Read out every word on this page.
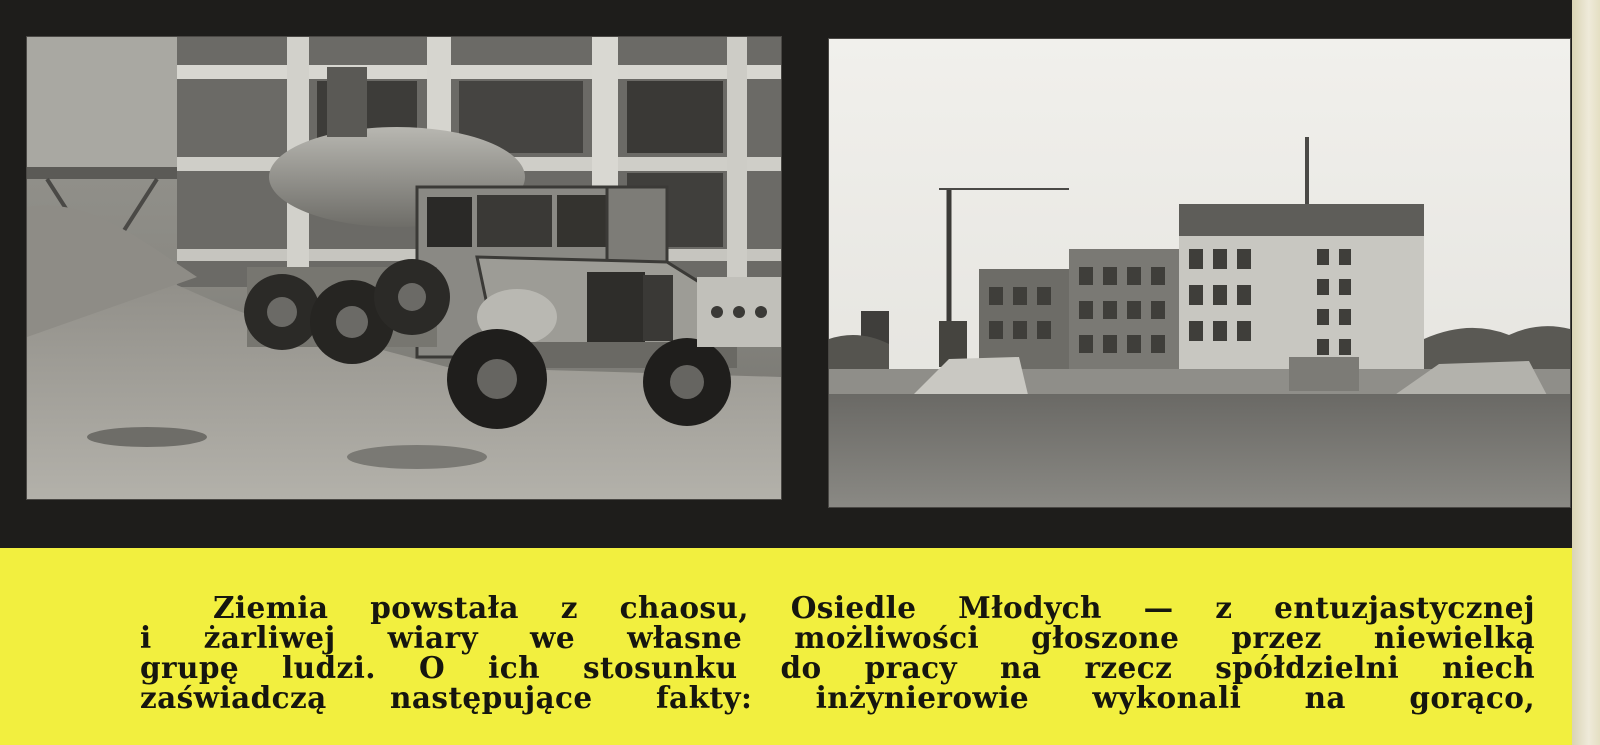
Ziemia powstała z chaosu, Osiedle Młodych — z entuzjastycznej
i żarliwej wiary we własne możliwości głoszone przez niewielką
grupę ludzi. O ich stosunku do pracy na rzecz spółdzielni niech
zaświadczą następujące fakty: inżynierowie wykonali na gorąco,
